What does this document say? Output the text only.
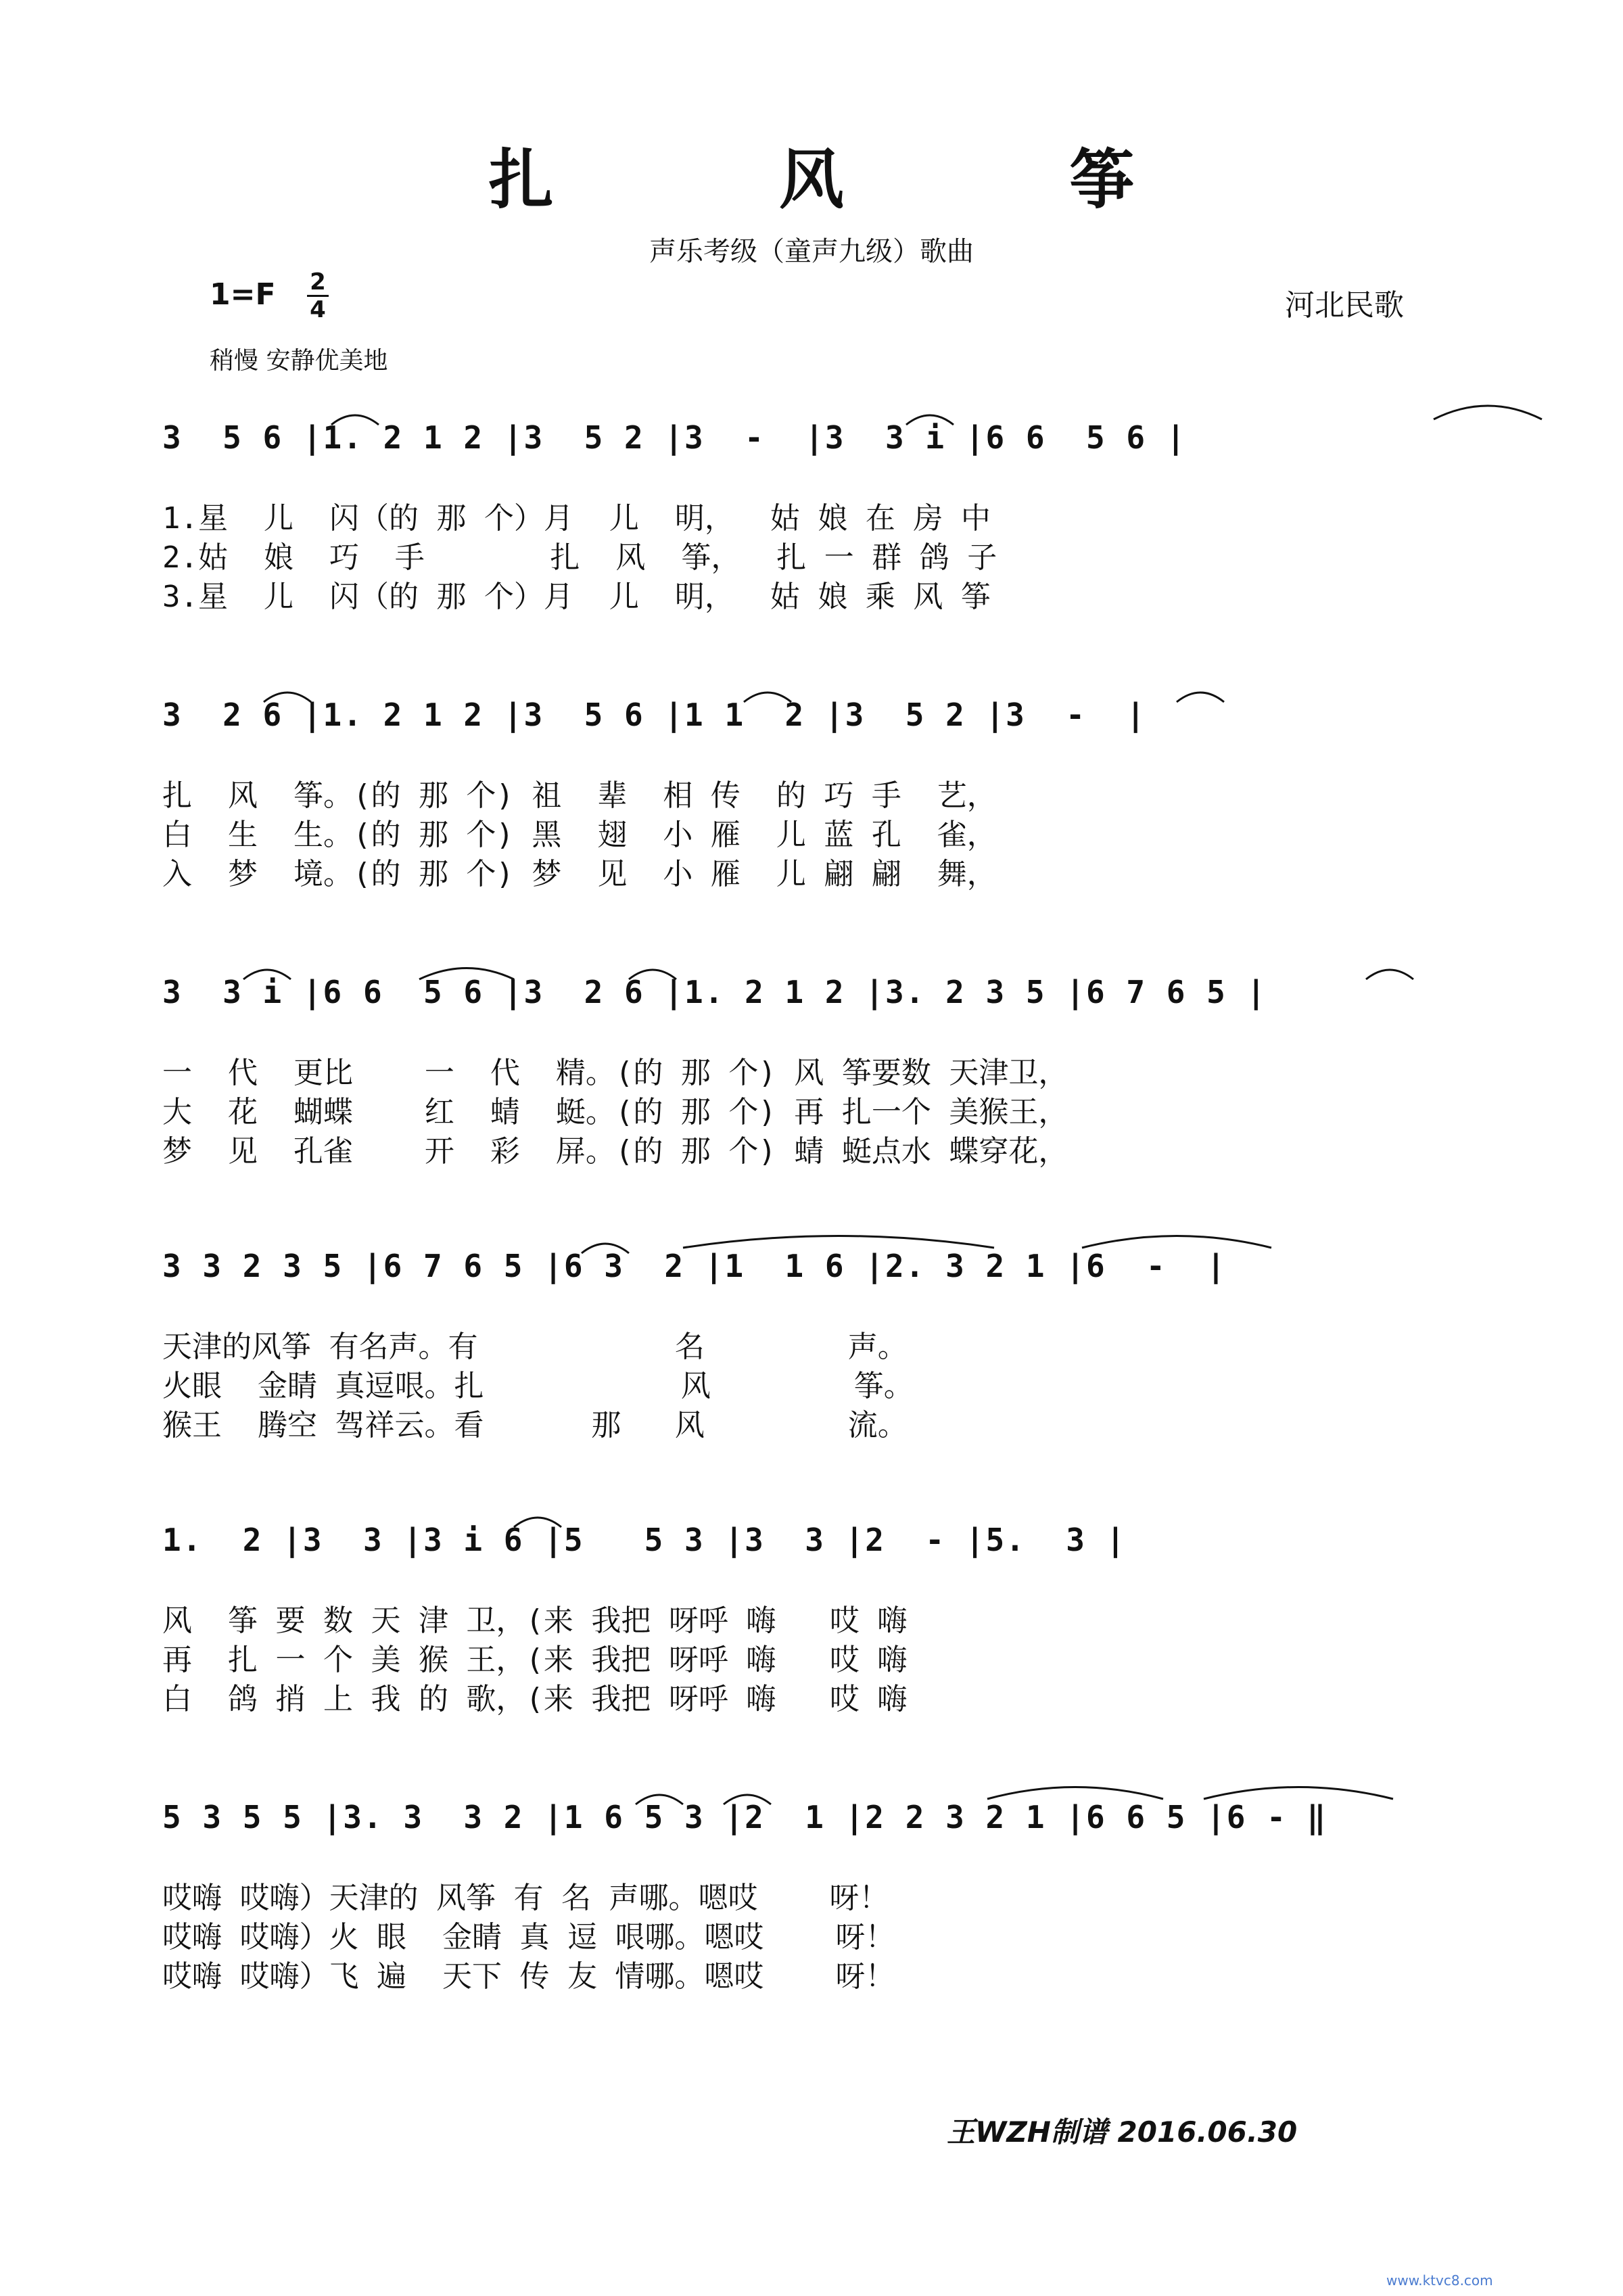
扎 风 筝
声乐考级（童声九级）歌曲
1=F 2
4
稍慢 安静优美地
河北民歌
3  5 6 |1. 2 1 2 |3  5 2 |3  -  |3  3 i |6 6  5 6 |
1.星  儿  闪（的 那 个）月  儿  明，  姑 娘 在 房 中
2.姑  娘  巧  手       扎  风  筝，  扎 一 群 鸽 子
3.星  儿  闪（的 那 个）月  儿  明，  姑 娘 乘 风 筝
3  2 6 |1. 2 1 2 |3  5 6 |1 1  2 |3  5 2 |3  -  |
扎  风  筝。(的 那 个) 祖  辈  相 传  的 巧 手  艺，
白  生  生。(的 那 个) 黑  翅  小 雁  儿 蓝 孔  雀，
入  梦  境。(的 那 个) 梦  见  小 雁  儿 翩 翩  舞，
3  3 i |6 6  5 6 |3  2 6 |1. 2 1 2 |3. 2 3 5 |6 7 6 5 |
一  代  更比    一  代  精。(的 那 个) 风 筝要数 天津卫，
大  花  蝴蝶    红  蜻  蜓。(的 那 个) 再 扎一个 美猴王，
梦  见  孔雀    开  彩  屏。(的 那 个) 蜻 蜓点水 蝶穿花，
3 3 2 3 5 |6 7 6 5 |6 3  2 |1  1 6 |2. 3 2 1 |6  -  |
天津的风筝 有名声。有           名        声。
火眼  金睛 真逗哏。扎           风        筝。
猴王  腾空 驾祥云。看      那   风        流。
1.  2 |3  3 |3 i 6 |5   5 3 |3  3 |2  - |5.  3 |
风  筝 要 数 天 津 卫，(来 我把 呀呼 嗨   哎 嗨
再  扎 一 个 美 猴 王，(来 我把 呀呼 嗨   哎 嗨
白  鸽 捎 上 我 的 歌，(来 我把 呀呼 嗨   哎 嗨
5 3 5 5 |3. 3  3 2 |1 6 5 3 |2  1 |2 2 3 2 1 |6 6 5 |6 - ‖
哎嗨 哎嗨）天津的 风筝 有 名 声哪。嗯哎    呀！
哎嗨 哎嗨）火 眼  金睛 真 逗 哏哪。嗯哎    呀！
哎嗨 哎嗨）飞 遍  天下 传 友 情哪。嗯哎    呀！
王WZH制谱 2016.06.30
www.ktvc8.com
